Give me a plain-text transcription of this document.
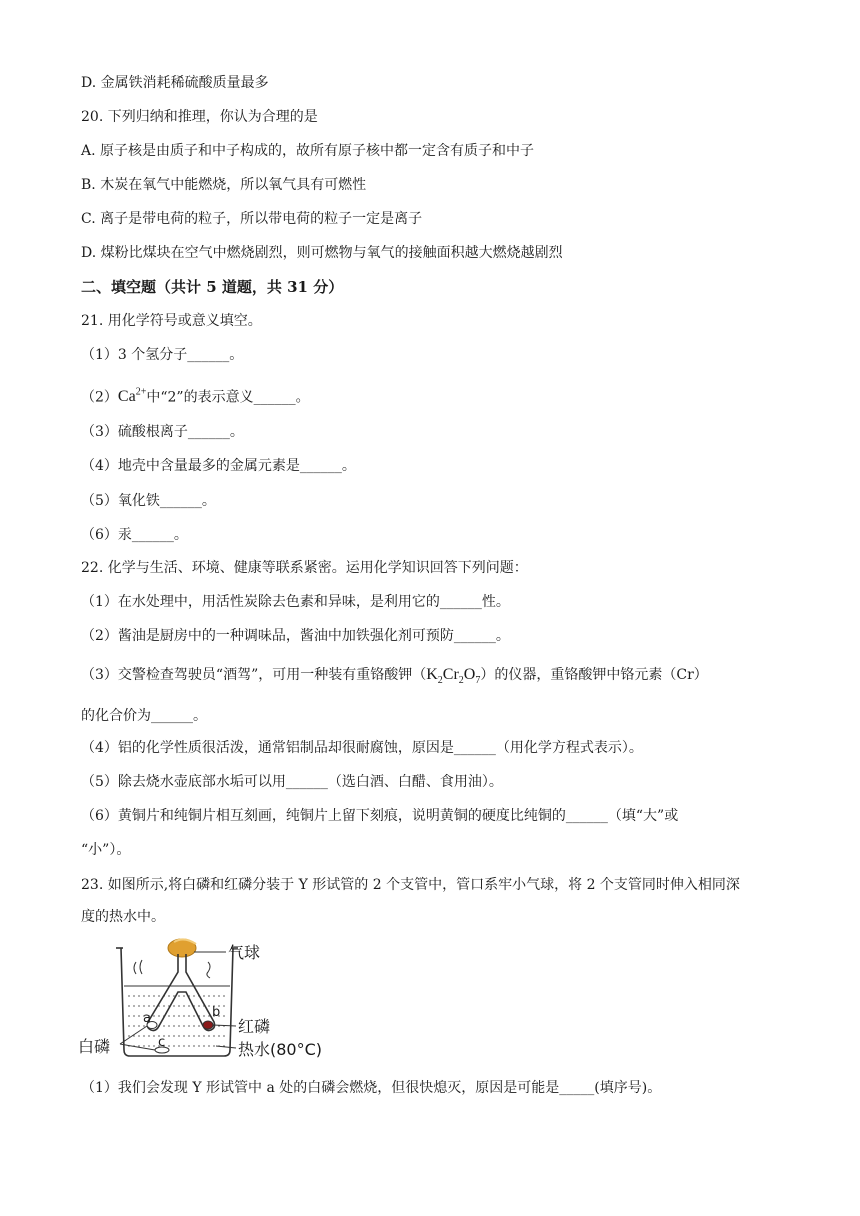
D. 金属铁消耗稀硫酸质量最多
20. 下列归纳和推理，你认为合理的是
A. 原子核是由质子和中子构成的，故所有原子核中都一定含有质子和中子
B. 木炭在氧气中能燃烧，所以氧气具有可燃性
C. 离子是带电荷的粒子，所以带电荷的粒子一定是离子
D. 煤粉比煤块在空气中燃烧剧烈，则可燃物与氧气的接触面积越大燃烧越剧烈
二、填空题（共计 5 道题，共 31 分）
21. 用化学符号或意义填空。
（1）3 个氢分子______。
$(2)Ca^{2+}$中“2”的表示意义______。
（3）硫酸根离子______。
（4）地壳中含量最多的金属元素是______。
（5）氧化铁______。
（6）汞______。
22. 化学与生活、环境、健康等联系紧密。运用化学知识回答下列问题：
（1）在水处理中，用活性炭除去色素和异味，是利用它的______性。
（2）酱油是厨房中的一种调味品，酱油中加铁强化剂可预防______。
（3）交警检查驾驶员“酒驾”，可用一种装有重铬酸钾$(K_2Cr_2O_7)$的仪器，重铬酸钾中铬元素（Cr）
的化合价为______。
（4）铝的化学性质很活泼，通常铝制品却很耐腐蚀，原因是______（用化学方程式表示）。
（5）除去烧水壶底部水垢可以用______（选白酒、白醋、食用油）。
（6）黄铜片和纯铜片相互刻画，纯铜片上留下刻痕，说明黄铜的硬度比纯铜的______（填“大”或
“小”）。
23. 如图所示,将白磷和红磷分装于 Y 形试管的 2 个支管中，管口系牢小气球，将 2 个支管同时伸入相同深
度的热水中。
a	b
c
气球
红磷
白磷	热水(80°C)
（1）我们会发现 Y 形试管中 a 处的白磷会燃烧，但很快熄灭，原因是可能是_____(填序号)。
